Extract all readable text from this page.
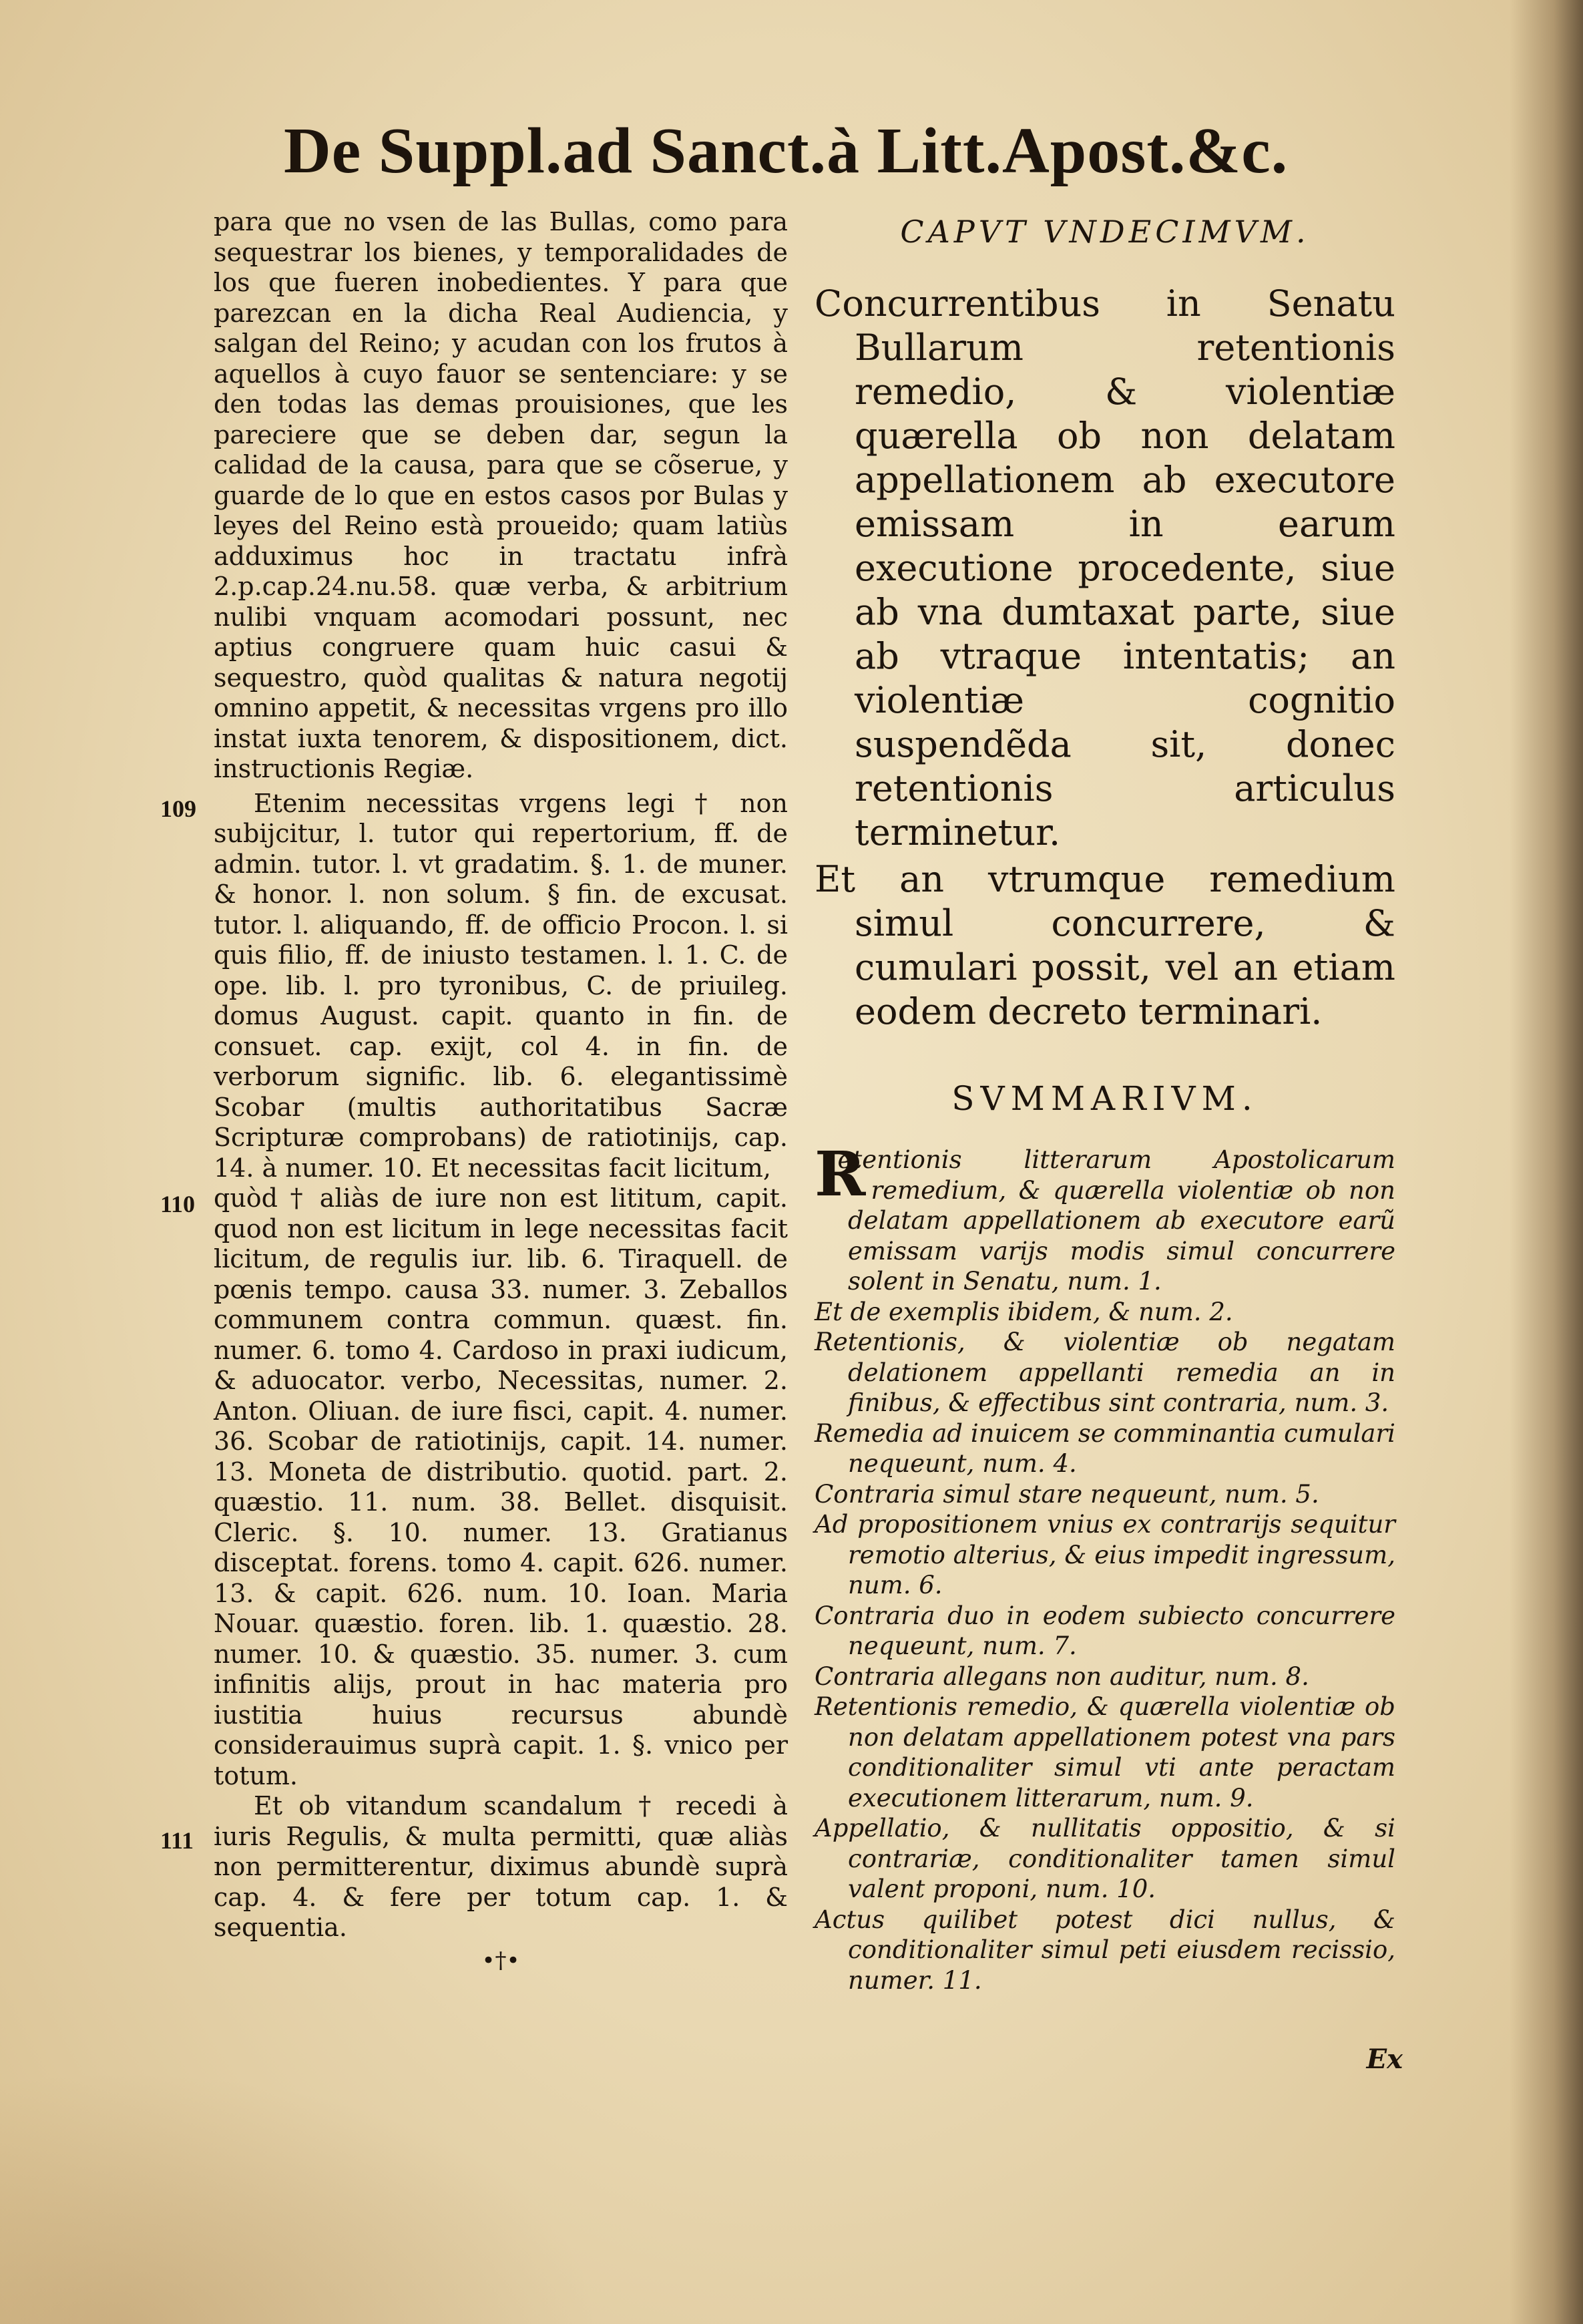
De Suppl.ad Sanct.à Litt.Apost.&c.

para que no vsen de las Bullas, como para sequestrar los bienes, y temporalidades de los que fueren inobedientes. Y para que parezcan en la dicha Real Audiencia, y salgan del Reino; y acudan con los frutos à aquellos à cuyo fauor se sentenciare: y se den todas las demas prouisiones, que les pareciere que se deben dar, segun la calidad de la causa, para que se cõserue, y guarde de lo que en estos casos por Bulas y leyes del Reino està proueido; quam latiùs adduximus hoc in tractatu infrà 2.p.cap.24.nu.58. quæ verba, & arbitrium nulibi vnquam acomodari possunt, nec aptius congruere quam huic casui & sequestro, quòd qualitas & natura negotij omnino appetit, & necessitas vrgens pro illo instat iuxta tenorem, & dispositionem, dict. instructionis Regiæ.

Etenim necessitas vrgens legi † non subijcitur, l. tutor qui repertorium, ff. de admin. tutor. l. vt gradatim. §. 1. de muner. & honor. l. non solum. § fin. de excusat. tutor. l. aliquando, ff. de officio Procon. l. si quis filio, ff. de iniusto testamen. l. 1. C. de ope. lib. l. pro tyronibus, C. de priuileg. domus August. capit. quanto in fin. de consuet. cap. exijt, col 4. in fin. de verborum signific. lib. 6. elegantissimè Scobar (multis authoritatibus Sacræ Scripturæ comprobans) de ratiotinijs, cap. 14. à numer. 10. Et necessitas facit licitum,

quòd † aliàs de iure non est lititum, capit. quod non est licitum in lege necessitas facit licitum, de regulis iur. lib. 6. Tiraquell. de pœnis tempo. causa 33. numer. 3. Zeballos communem contra commun. quæst. fin. numer. 6. tomo 4. Cardoso in praxi iudicum, & aduocator. verbo, Necessitas, numer. 2. Anton. Oliuan. de iure fisci, capit. 4. numer. 36. Scobar de ratiotinijs, capit. 14. numer. 13. Moneta de distributio. quotid. part. 2. quæstio. 11. num. 38. Bellet. disquisit. Cleric. §. 10. numer. 13. Gratianus disceptat. forens. tomo 4. capit. 626. numer. 13. & capit. 626. num. 10. Ioan. Maria Nouar. quæstio. foren. lib. 1. quæstio. 28. numer. 10. & quæstio. 35. numer. 3. cum infinitis alijs, prout in hac materia pro iustitia huius recursus abundè considerauimus suprà capit. 1. §. vnico per totum.

Et ob vitandum scandalum † recedi à iuris Regulis, & multa permitti, quæ aliàs non permitterentur, diximus abundè suprà cap. 4. & fere per totum cap. 1. & sequentia.

•†•
109
110
111

CAPVT VNDECIMVM.

Concurrentibus in Senatu Bullarum retentionis remedio, & violentiæ quærella ob non delatam appellationem ab executore emissam in earum executione procedente, siue ab vna dumtaxat parte, siue ab vtraque intentatis; an violentiæ cognitio suspendẽda sit, donec retentionis articulus terminetur.

Et an vtrumque remedium simul concurrere, & cumulari possit, vel an etiam eodem decreto terminari.

SVMMARIVM.

Retentionis litterarum Apostolicarum remedium, & quærella violentiæ ob non delatam appellationem ab executore earũ emissam varijs modis simul concurrere solent in Senatu, num. 1.
Et de exemplis ibidem, & num. 2.
Retentionis, & violentiæ ob negatam delationem appellanti remedia an in finibus, & effectibus sint contraria, num. 3.
Remedia ad inuicem se comminantia cumulari nequeunt, num. 4.
Contraria simul stare nequeunt, num. 5.
Ad propositionem vnius ex contrarijs sequitur remotio alterius, & eius impedit ingressum, num. 6.
Contraria duo in eodem subiecto concurrere nequeunt, num. 7.
Contraria allegans non auditur, num. 8.
Retentionis remedio, & quærella violentiæ ob non delatam appellationem potest vna pars conditionaliter simul vti ante peractam executionem litterarum, num. 9.
Appellatio, & nullitatis oppositio, & si contrariæ, conditionaliter tamen simul valent proponi, num. 10.
Actus quilibet potest dici nullus, & conditionaliter simul peti eiusdem recissio, numer. 11.
Ex
